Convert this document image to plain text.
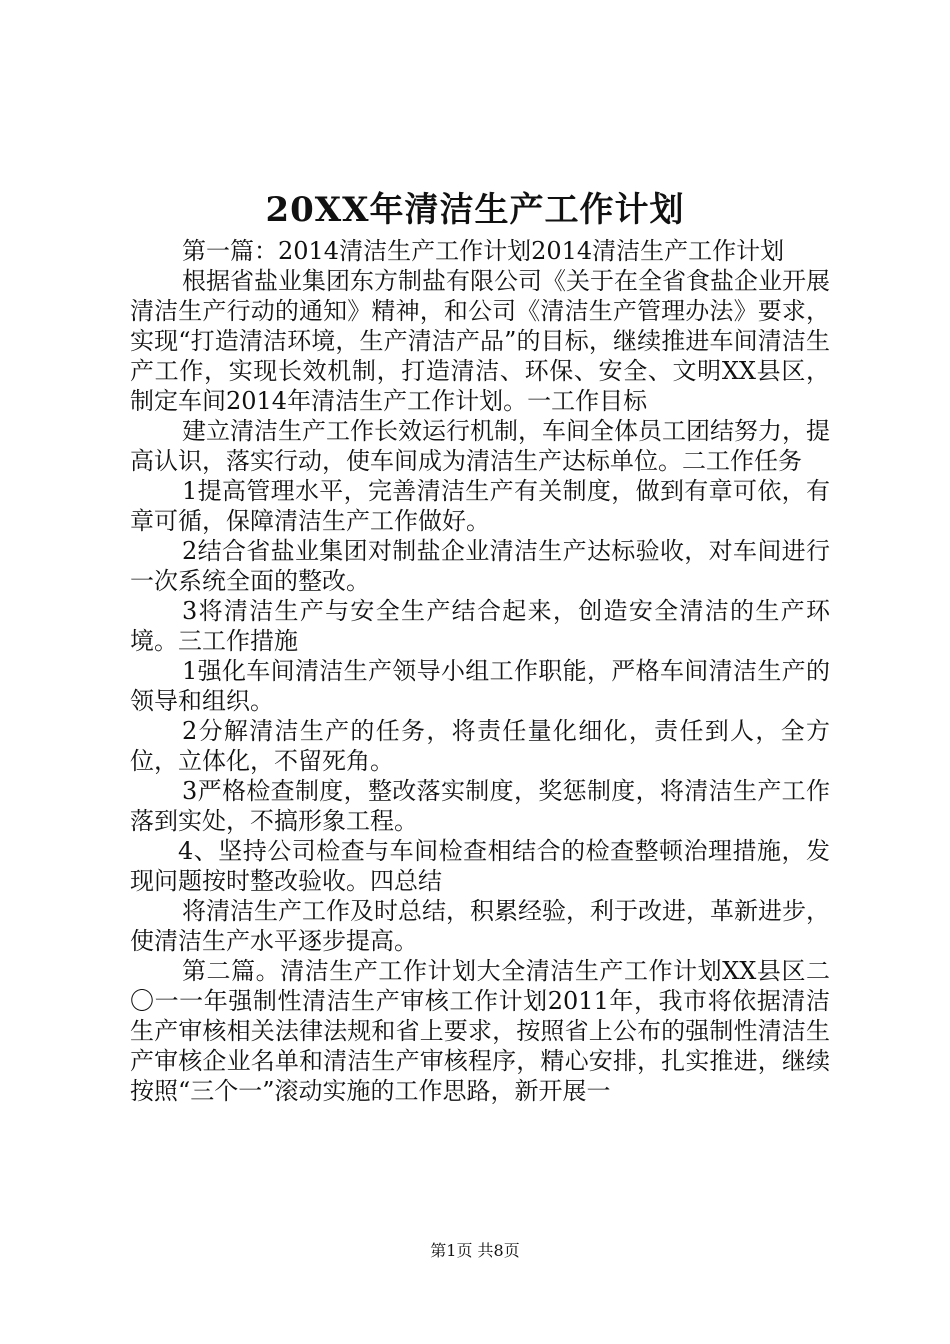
20XX年清洁生产工作计划

第一篇：2014清洁生产工作计划2014清洁生产工作计划

根据省盐业集团东方制盐有限公司《关于在全省食盐企业开展清洁生产行动的通知》精神，和公司《清洁生产管理办法》要求，实现“打造清洁环境，生产清洁产品”的目标，继续推进车间清洁生产工作，实现长效机制，打造清洁、环保、安全、文明XX县区，制定车间2014年清洁生产工作计划。一工作目标

建立清洁生产工作长效运行机制，车间全体员工团结努力，提高认识，落实行动，使车间成为清洁生产达标单位。二工作任务

1提高管理水平，完善清洁生产有关制度，做到有章可依，有章可循，保障清洁生产工作做好。

2结合省盐业集团对制盐企业清洁生产达标验收，对车间进行一次系统全面的整改。

3将清洁生产与安全生产结合起来，创造安全清洁的生产环境。三工作措施

1强化车间清洁生产领导小组工作职能，严格车间清洁生产的领导和组织。

2分解清洁生产的任务，将责任量化细化，责任到人，全方位，立体化，不留死角。

3严格检查制度，整改落实制度，奖惩制度，将清洁生产工作落到实处，不搞形象工程。

4、坚持公司检查与车间检查相结合的检查整顿治理措施，发现问题按时整改验收。四总结

将清洁生产工作及时总结，积累经验，利于改进，革新进步，使清洁生产水平逐步提高。

第二篇。清洁生产工作计划大全清洁生产工作计划XX县区二〇一一年强制性清洁生产审核工作计划2011年，我市将依据清洁生产审核相关法律法规和省上要求，按照省上公布的强制性清洁生产审核企业名单和清洁生产审核程序，精心安排，扎实推进，继续按照“三个一”滚动实施的工作思路，新开展一

第1页 共8页
